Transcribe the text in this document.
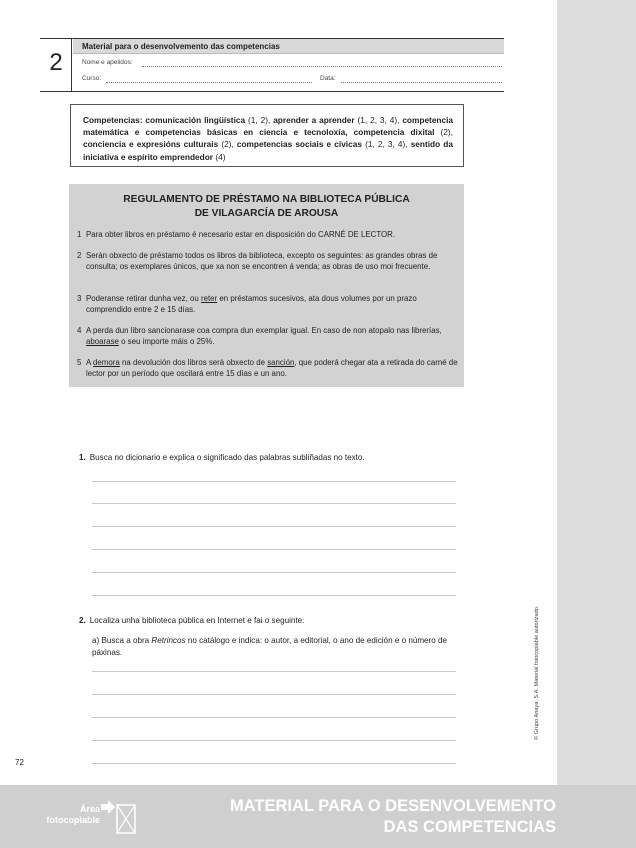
2
Material para o desenvolvemento das competencias
Nome e apelidos:
Curso:	Data:
Competencias: comunicación lingüística (1, 2), aprender a aprender (1, 2, 3, 4), competencia matemática e competencias básicas en ciencia e tecnoloxía, competencia dixital (2), conciencia e expresións culturais (2), competencias sociais e cívicas (1, 2, 3, 4), sentido da iniciativa e espírito emprendedor (4)
REGULAMENTO DE PRÉSTAMO NA BIBLIOTECA PÚBLICA
DE VILAGARCÍA DE AROUSA
1 Para obter libros en préstamo é necesario estar en disposición do CARNÉ DE LECTOR.
2 Serán obxecto de préstamo todos os libros da biblioteca, excepto os seguintes: as grandes obras de consulta; os exemplares únicos, que xa non se encontren á venda; as obras de uso moi frecuente.
3 Poderanse retirar dunha vez, ou reter en préstamos sucesivos, ata dous volumes por un prazo comprendido entre 2 e 15 días.
4 A perda dun libro sancionarase coa compra dun exemplar igual. En caso de non atopalo nas librerías, aboarase o seu importe máis o 25%.
5 A demora na devolución dos libros será obxecto de sanción, que poderá chegar ata a retirada do carné de lector por un período que oscilará entre 15 días e un ano.
1. Busca no dicionario e explica o significado das palabras subliñadas no texto.
2. Localiza unha biblioteca pública en Internet e fai o seguinte:
a) Busca a obra Retrincos no catálogo e indica: o autor, a editorial, o ano de edición e o número de páxinas.
72
© Grupo Anaya, S.A. Material fotocopiable autorizado.
Área
fotocopiable
MATERIAL PARA O DESENVOLVEMENTO
DAS COMPETENCIAS
